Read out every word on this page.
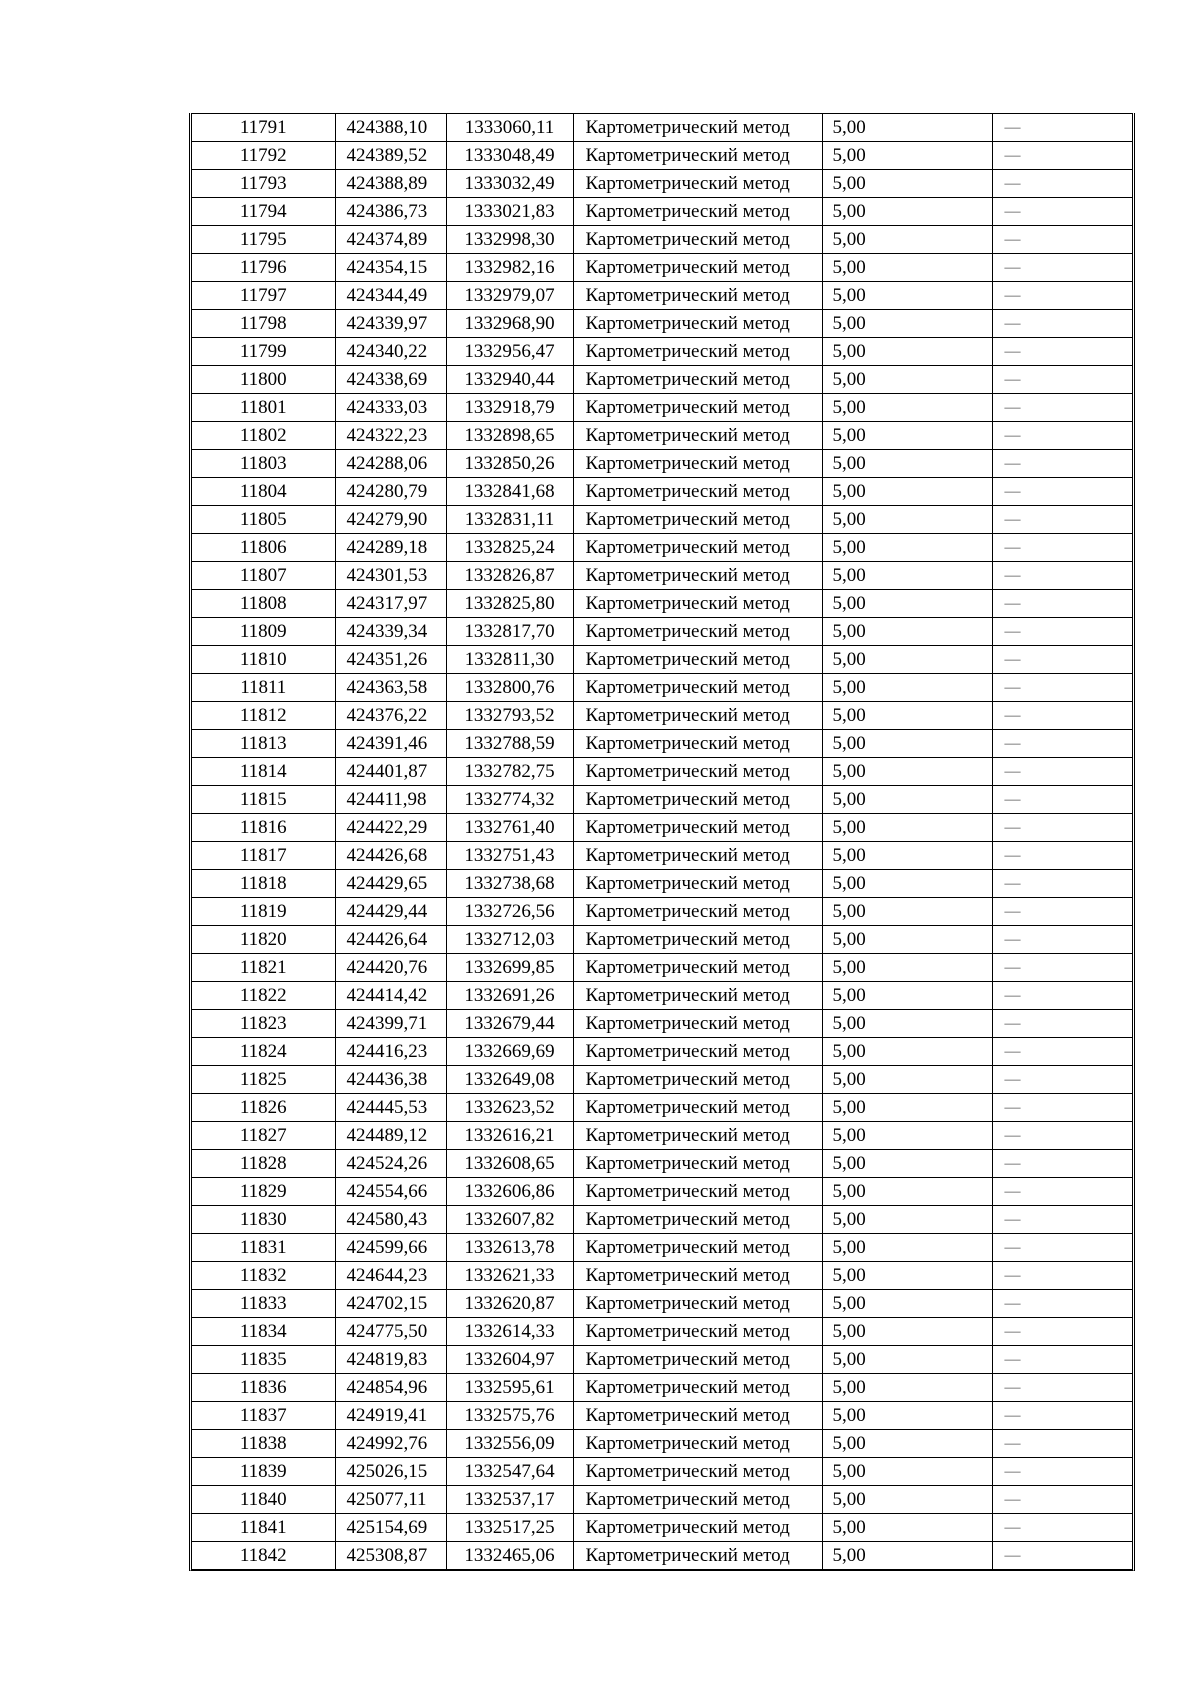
11791	424388,10	1333060,11	Картометрический метод	5,00	—
11792	424389,52	1333048,49	Картометрический метод	5,00	—
11793	424388,89	1333032,49	Картометрический метод	5,00	—
11794	424386,73	1333021,83	Картометрический метод	5,00	—
11795	424374,89	1332998,30	Картометрический метод	5,00	—
11796	424354,15	1332982,16	Картометрический метод	5,00	—
11797	424344,49	1332979,07	Картометрический метод	5,00	—
11798	424339,97	1332968,90	Картометрический метод	5,00	—
11799	424340,22	1332956,47	Картометрический метод	5,00	—
11800	424338,69	1332940,44	Картометрический метод	5,00	—
11801	424333,03	1332918,79	Картометрический метод	5,00	—
11802	424322,23	1332898,65	Картометрический метод	5,00	—
11803	424288,06	1332850,26	Картометрический метод	5,00	—
11804	424280,79	1332841,68	Картометрический метод	5,00	—
11805	424279,90	1332831,11	Картометрический метод	5,00	—
11806	424289,18	1332825,24	Картометрический метод	5,00	—
11807	424301,53	1332826,87	Картометрический метод	5,00	—
11808	424317,97	1332825,80	Картометрический метод	5,00	—
11809	424339,34	1332817,70	Картометрический метод	5,00	—
11810	424351,26	1332811,30	Картометрический метод	5,00	—
11811	424363,58	1332800,76	Картометрический метод	5,00	—
11812	424376,22	1332793,52	Картометрический метод	5,00	—
11813	424391,46	1332788,59	Картометрический метод	5,00	—
11814	424401,87	1332782,75	Картометрический метод	5,00	—
11815	424411,98	1332774,32	Картометрический метод	5,00	—
11816	424422,29	1332761,40	Картометрический метод	5,00	—
11817	424426,68	1332751,43	Картометрический метод	5,00	—
11818	424429,65	1332738,68	Картометрический метод	5,00	—
11819	424429,44	1332726,56	Картометрический метод	5,00	—
11820	424426,64	1332712,03	Картометрический метод	5,00	—
11821	424420,76	1332699,85	Картометрический метод	5,00	—
11822	424414,42	1332691,26	Картометрический метод	5,00	—
11823	424399,71	1332679,44	Картометрический метод	5,00	—
11824	424416,23	1332669,69	Картометрический метод	5,00	—
11825	424436,38	1332649,08	Картометрический метод	5,00	—
11826	424445,53	1332623,52	Картометрический метод	5,00	—
11827	424489,12	1332616,21	Картометрический метод	5,00	—
11828	424524,26	1332608,65	Картометрический метод	5,00	—
11829	424554,66	1332606,86	Картометрический метод	5,00	—
11830	424580,43	1332607,82	Картометрический метод	5,00	—
11831	424599,66	1332613,78	Картометрический метод	5,00	—
11832	424644,23	1332621,33	Картометрический метод	5,00	—
11833	424702,15	1332620,87	Картометрический метод	5,00	—
11834	424775,50	1332614,33	Картометрический метод	5,00	—
11835	424819,83	1332604,97	Картометрический метод	5,00	—
11836	424854,96	1332595,61	Картометрический метод	5,00	—
11837	424919,41	1332575,76	Картометрический метод	5,00	—
11838	424992,76	1332556,09	Картометрический метод	5,00	—
11839	425026,15	1332547,64	Картометрический метод	5,00	—
11840	425077,11	1332537,17	Картометрический метод	5,00	—
11841	425154,69	1332517,25	Картометрический метод	5,00	—
11842	425308,87	1332465,06	Картометрический метод	5,00	—
